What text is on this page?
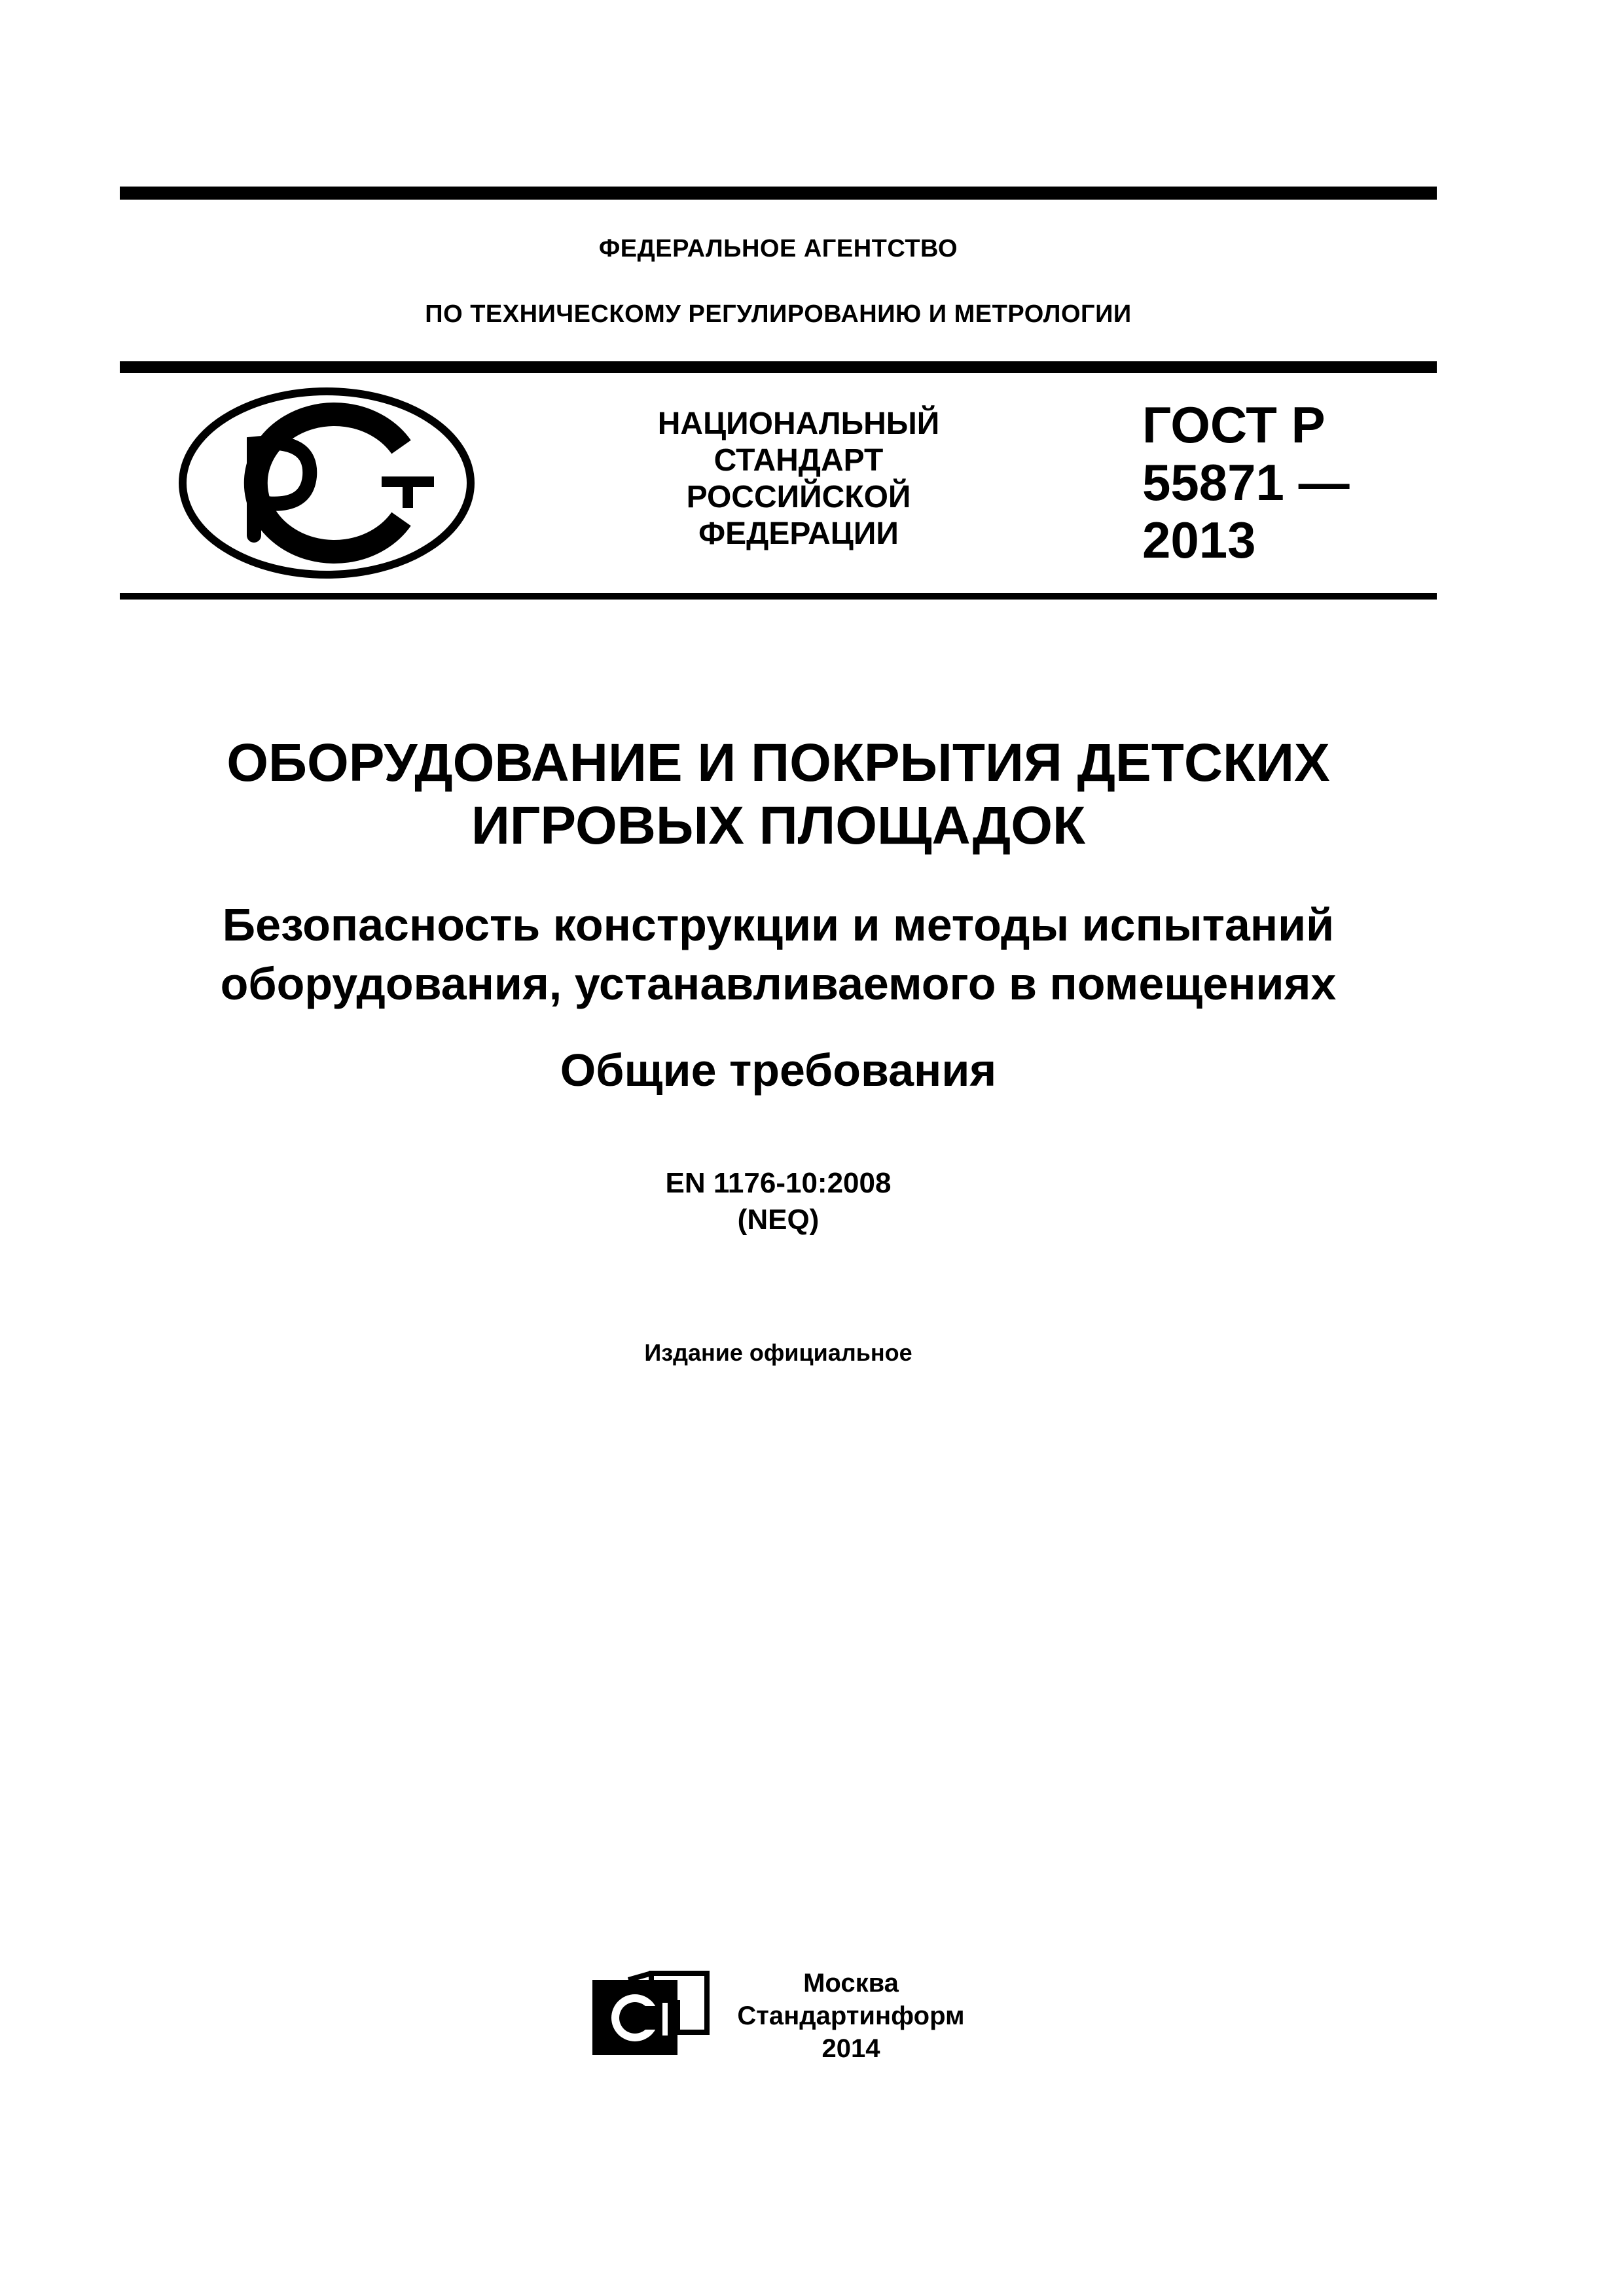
ФЕДЕРАЛЬНОЕ АГЕНТСТВО
ПО ТЕХНИЧЕСКОМУ РЕГУЛИРОВАНИЮ И МЕТРОЛОГИИ
НАЦИОНАЛЬНЫЙ
СТАНДАРТ
РОССИЙСКОЙ
ФЕДЕРАЦИИ
ГОСТ Р
55871 —
2013
ОБОРУДОВАНИЕ И ПОКРЫТИЯ ДЕТСКИХ
ИГРОВЫХ ПЛОЩАДОК
Безопасность конструкции и методы испытаний
оборудования, устанавливаемого в помещениях
Общие требования
EN 1176-10:2008
(NEQ)
Издание официальное
Москва
Стандартинформ
2014
